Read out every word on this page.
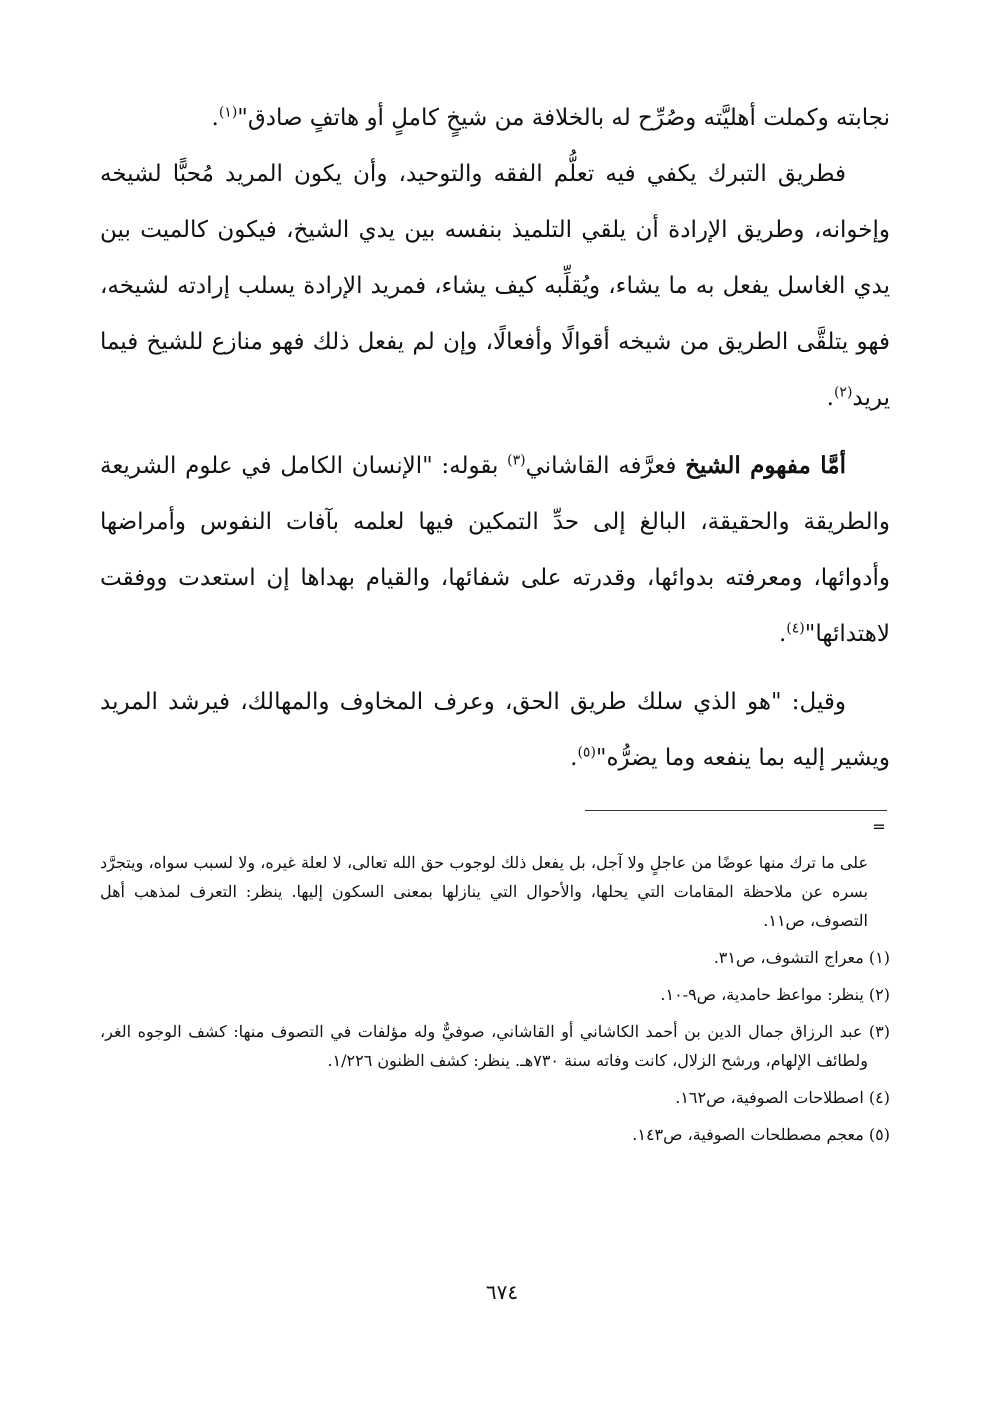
نجابته وكملت أهليَّته وصُرِّح له بالخلافة من شيخٍ كاملٍ أو هاتفٍ صادق"$^{(١)}$.

فطريق التبرك يكفي فيه تعلُّم الفقه والتوحيد، وأن يكون المريد مُحبًّا لشيخه وإخوانه، وطريق الإرادة أن يلقي التلميذ بنفسه بين يدي الشيخ، فيكون كالميت بين يدي الغاسل يفعل به ما يشاء، ويُقلِّبه كيف يشاء، فمريد الإرادة يسلب إرادته لشيخه، فهو يتلقَّى الطريق من شيخه أقوالًا وأفعالًا، وإن لم يفعل ذلك فهو منازع للشيخ فيما يريد$^{(٢)}$.

أمَّا مفهوم الشيخ فعرَّفه القاشاني$^{(٣)}$ بقوله: "الإنسان الكامل في علوم الشريعة والطريقة والحقيقة، البالغ إلى حدِّ التمكين فيها لعلمه بآفات النفوس وأمراضها وأدوائها، ومعرفته بدوائها، وقدرته على شفائها، والقيام بهداها إن استعدت ووفقت لاهتدائها"$^{(٤)}$.

وقيل: "هو الذي سلك طريق الحق، وعرف المخاوف والمهالك، فيرشد المريد ويشير إليه بما ينفعه وما يضرُّه"$^{(٥)}$.

=

على ما ترك منها عوضًا من عاجلٍ ولا آجل، بل يفعل ذلك لوجوب حق الله تعالى، لا لعلة غيره، ولا لسبب سواه، ويتجرَّد بسره عن ملاحظة المقامات التي يحلها، والأحوال التي ينازلها بمعنى السكون إليها. ينظر: التعرف لمذهب أهل التصوف، ص١١.

(١) معراج التشوف، ص٣١.

(٢) ينظر: مواعظ حامدية، ص٩-١٠.

(٣) عبد الرزاق جمال الدين بن أحمد الكاشاني أو القاشاني، صوفيٌّ وله مؤلفات في التصوف منها: كشف الوجوه الغر، ولطائف الإلهام، ورشح الزلال، كانت وفاته سنة ٧٣٠هـ. ينظر: كشف الظنون ١/٢٢٦.

(٤) اصطلاحات الصوفية، ص١٦٢.

(٥) معجم مصطلحات الصوفية، ص١٤٣.

٦٧٤
